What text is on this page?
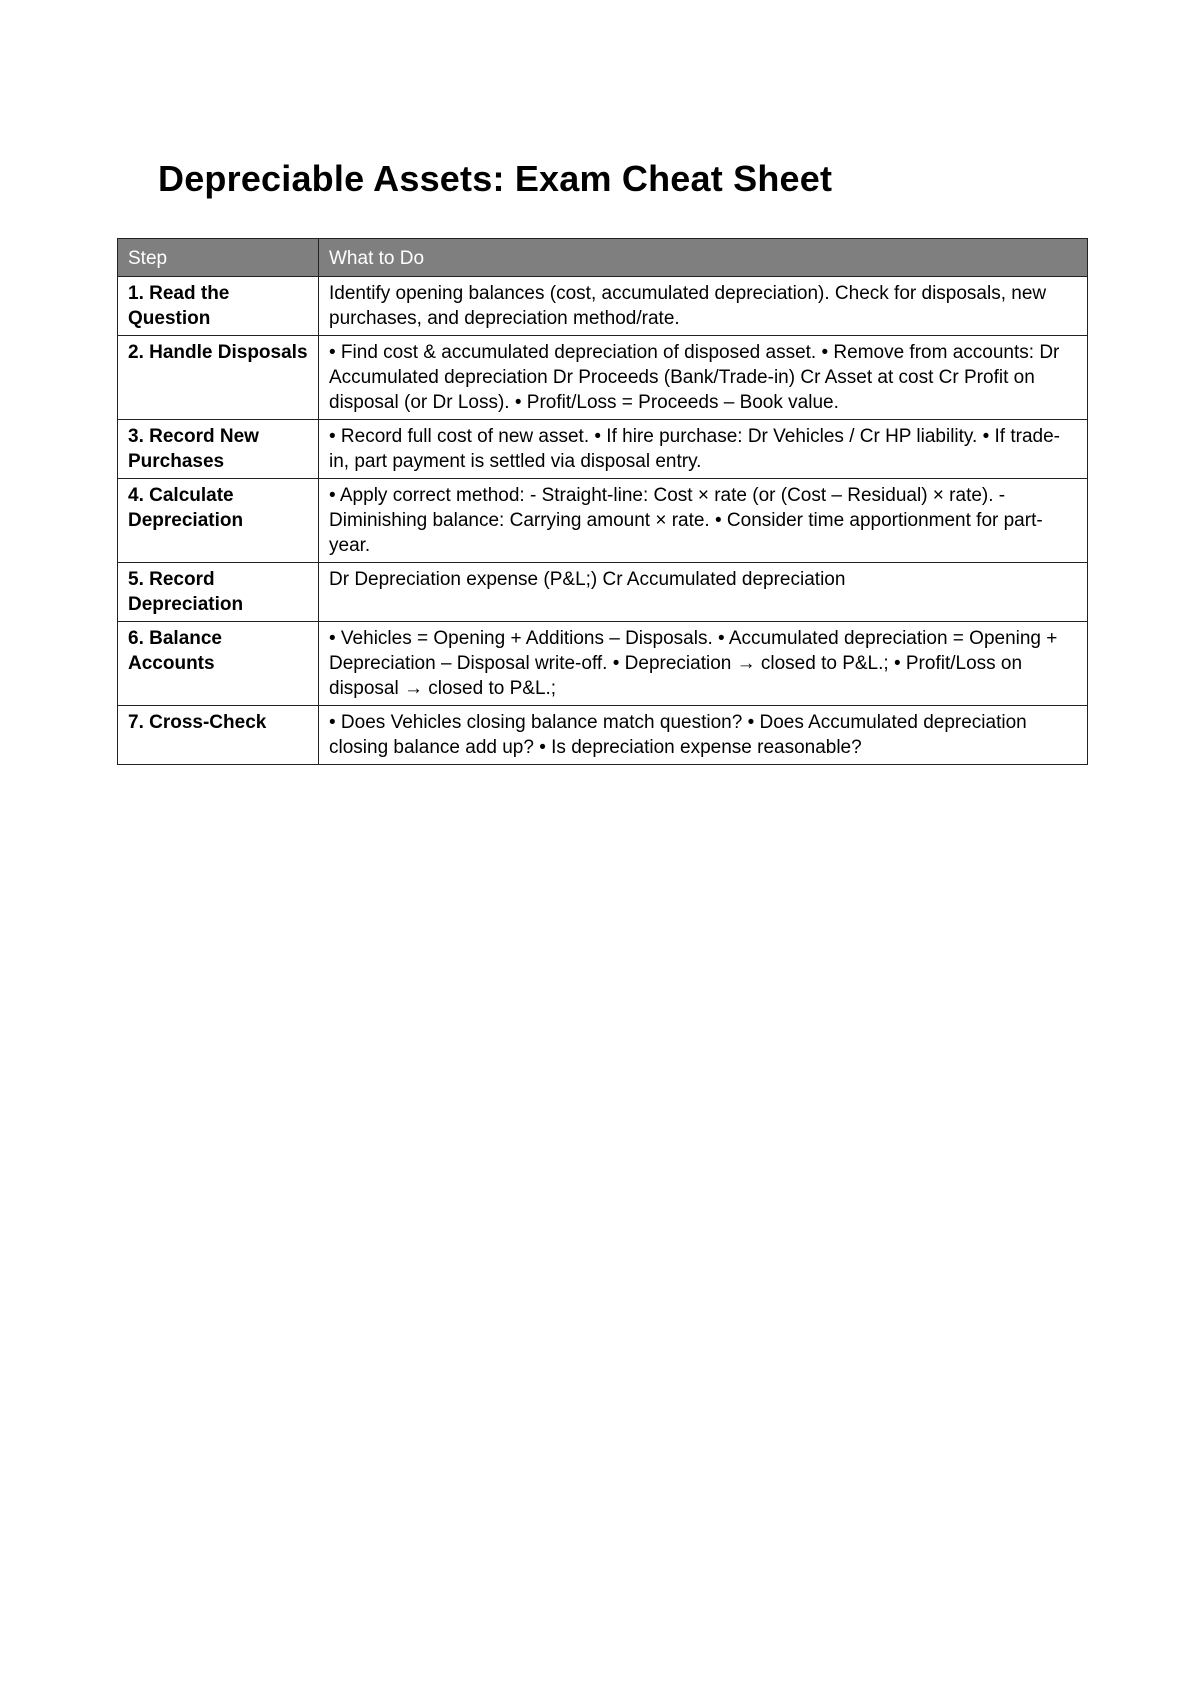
Depreciable Assets: Exam Cheat Sheet
Step	What to Do
1. Read the Question	Identify opening balances (cost, accumulated depreciation). Check for disposals, new purchases, and depreciation method/rate.
2. Handle Disposals	• Find cost & accumulated depreciation of disposed asset. • Remove from accounts: Dr Accumulated depreciation Dr Proceeds (Bank/Trade-in) Cr Asset at cost Cr Profit on disposal (or Dr Loss). • Profit/Loss = Proceeds – Book value.
3. Record New Purchases	• Record full cost of new asset. • If hire purchase: Dr Vehicles / Cr HP liability. • If trade-in, part payment is settled via disposal entry.
4. Calculate Depreciation	• Apply correct method: - Straight-line: Cost × rate (or (Cost – Residual) × rate). - Diminishing balance: Carrying amount × rate. • Consider time apportionment for part-year.
5. Record Depreciation	Dr Depreciation expense (P&L;) Cr Accumulated depreciation
6. Balance Accounts	• Vehicles = Opening + Additions – Disposals. • Accumulated depreciation = Opening + Depreciation – Disposal write-off. • Depreciation → closed to P&L.; • Profit/Loss on disposal → closed to P&L.;
7. Cross-Check	• Does Vehicles closing balance match question? • Does Accumulated depreciation closing balance add up? • Is depreciation expense reasonable?
